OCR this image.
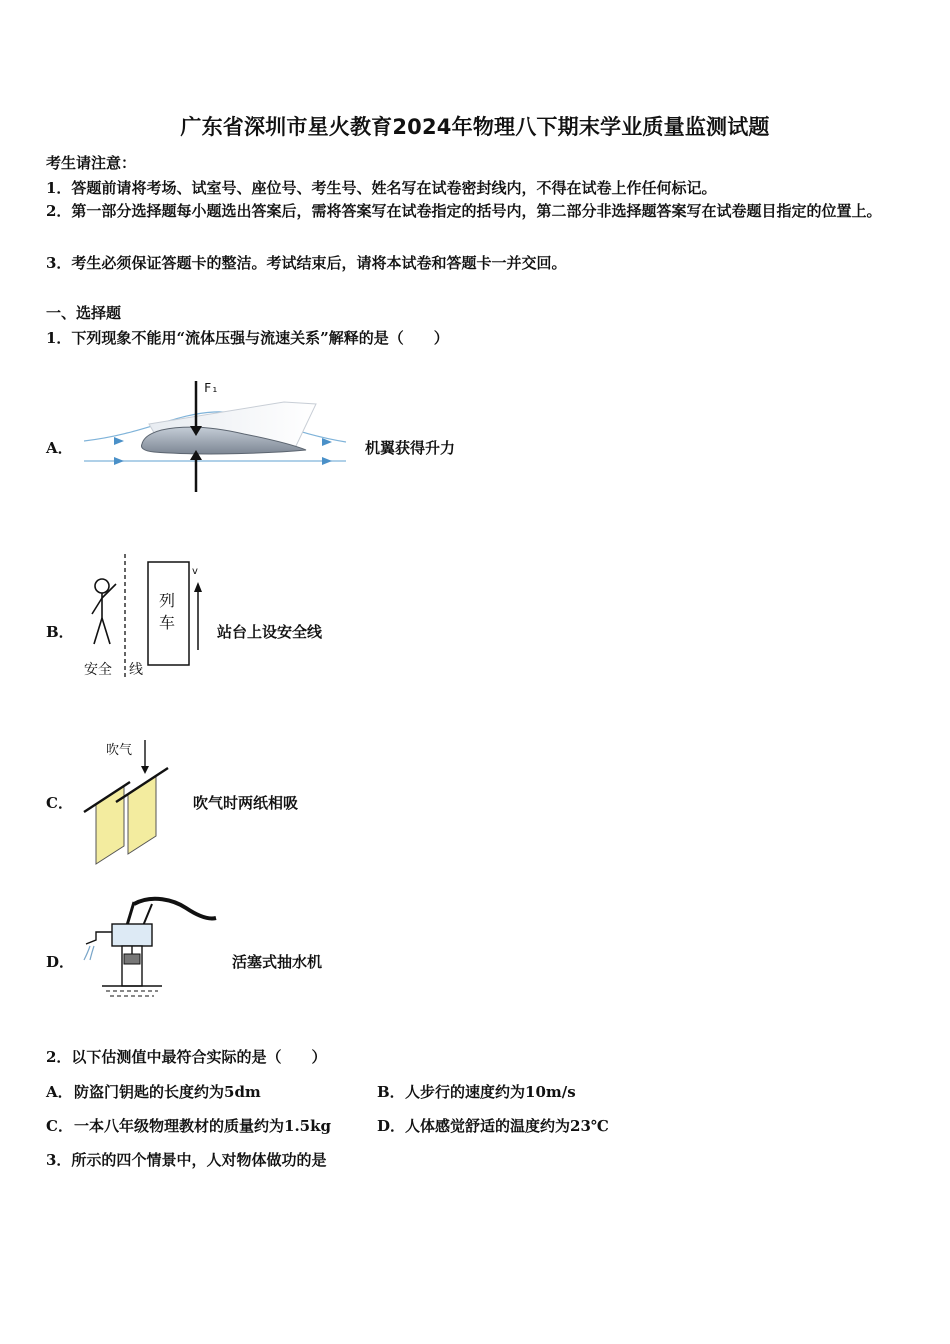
广东省深圳市星火教育2024年物理八下期末学业质量监测试题
考生请注意：
1．答题前请将考场、试室号、座位号、考生号、姓名写在试卷密封线内，不得在试卷上作任何标记。
2．第一部分选择题每小题选出答案后，需将答案写在试卷指定的括号内，第二部分非选择题答案写在试卷题目指定的位置上。
3．考生必须保证答题卡的整洁。考试结束后，请将本试卷和答题卡一并交回。
一、选择题
1．下列现象不能用“流体压强与流速关系”解释的是（　　）
A．
F₁
机翼获得升力
B．
列
车
v
安全 线
站台上设安全线
C．
吹气
吹气时两纸相吸
D．	活塞式抽水机
2．以下估测值中最符合实际的是（　　）
A． 防盗门钥匙的长度约为5dm	B． 人步行的速度约为10m/s
C． 一本八年级物理教材的质量约为1.5kg	D． 人体感觉舒适的温度约为23℃
3．所示的四个情景中，人对物体做功的是
